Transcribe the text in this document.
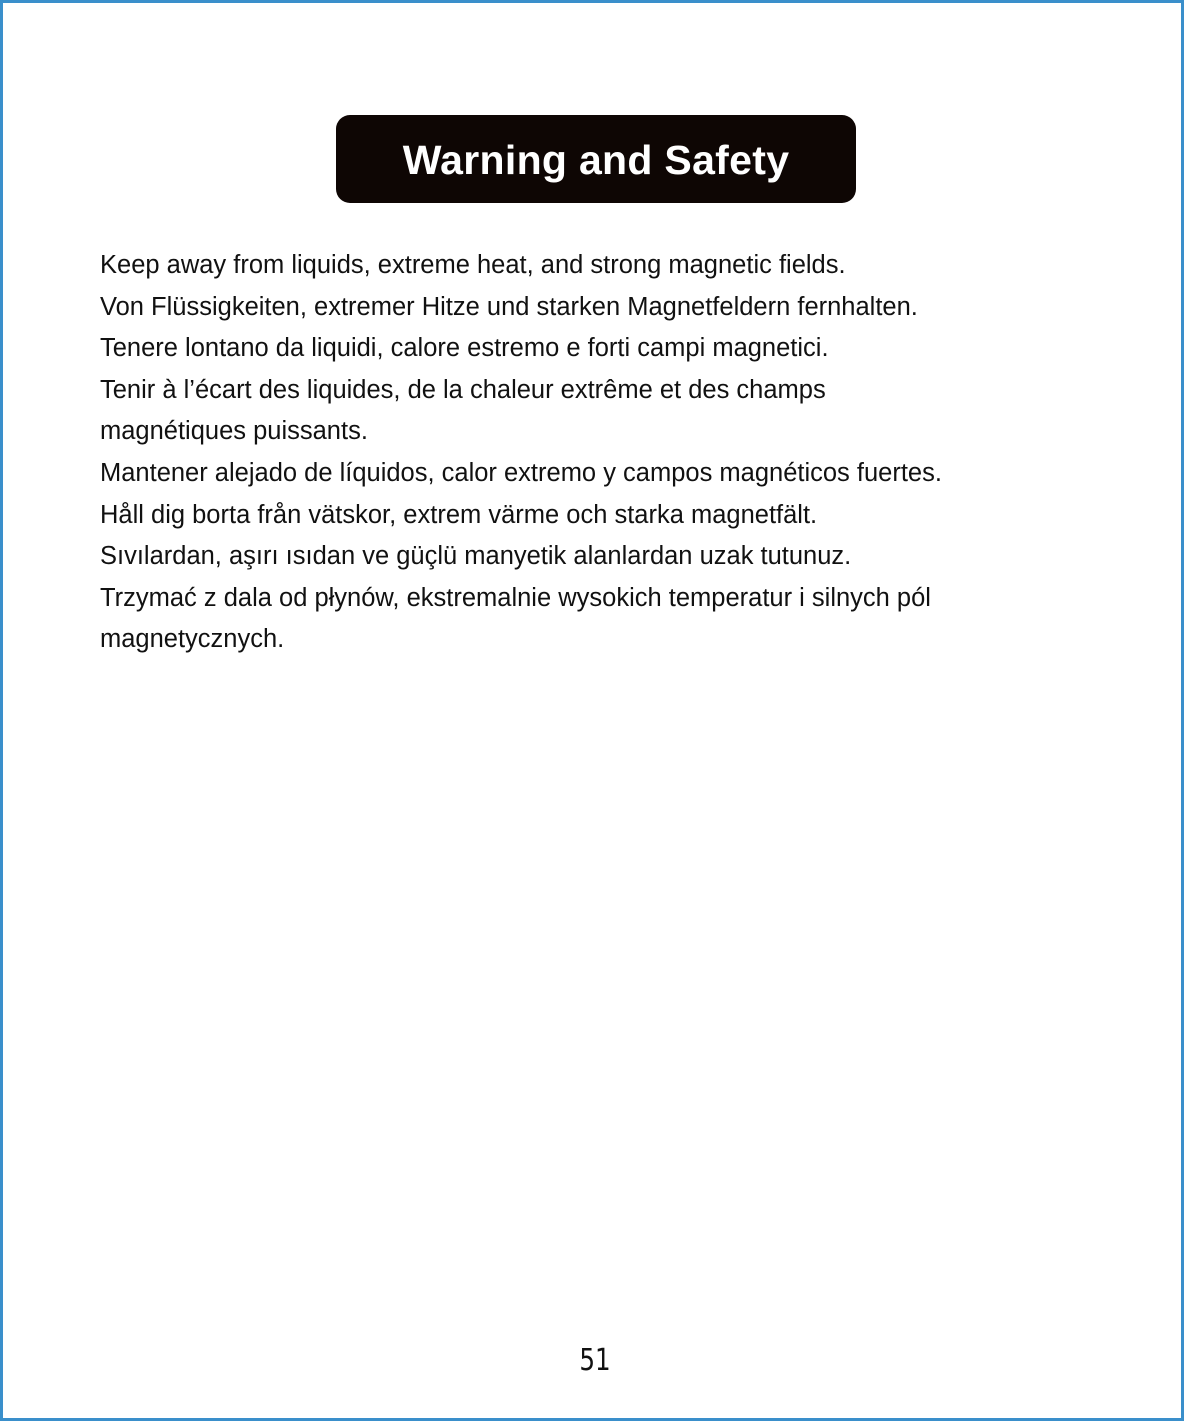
Warning and Safety
Keep away from liquids, extreme heat, and strong magnetic fields.
Von Flüssigkeiten, extremer Hitze und starken Magnetfeldern fernhalten.
Tenere lontano da liquidi, calore estremo e forti campi magnetici.
Tenir à l’écart des liquides, de la chaleur extrême et des champs
magnétiques puissants.
Mantener alejado de líquidos, calor extremo y campos magnéticos fuertes.
Håll dig borta från vätskor, extrem värme och starka magnetfält.
Sıvılardan, aşırı ısıdan ve güçlü manyetik alanlardan uzak tutunuz.
Trzymać z dala od płynów, ekstremalnie wysokich temperatur i silnych pól
magnetycznych.
51
